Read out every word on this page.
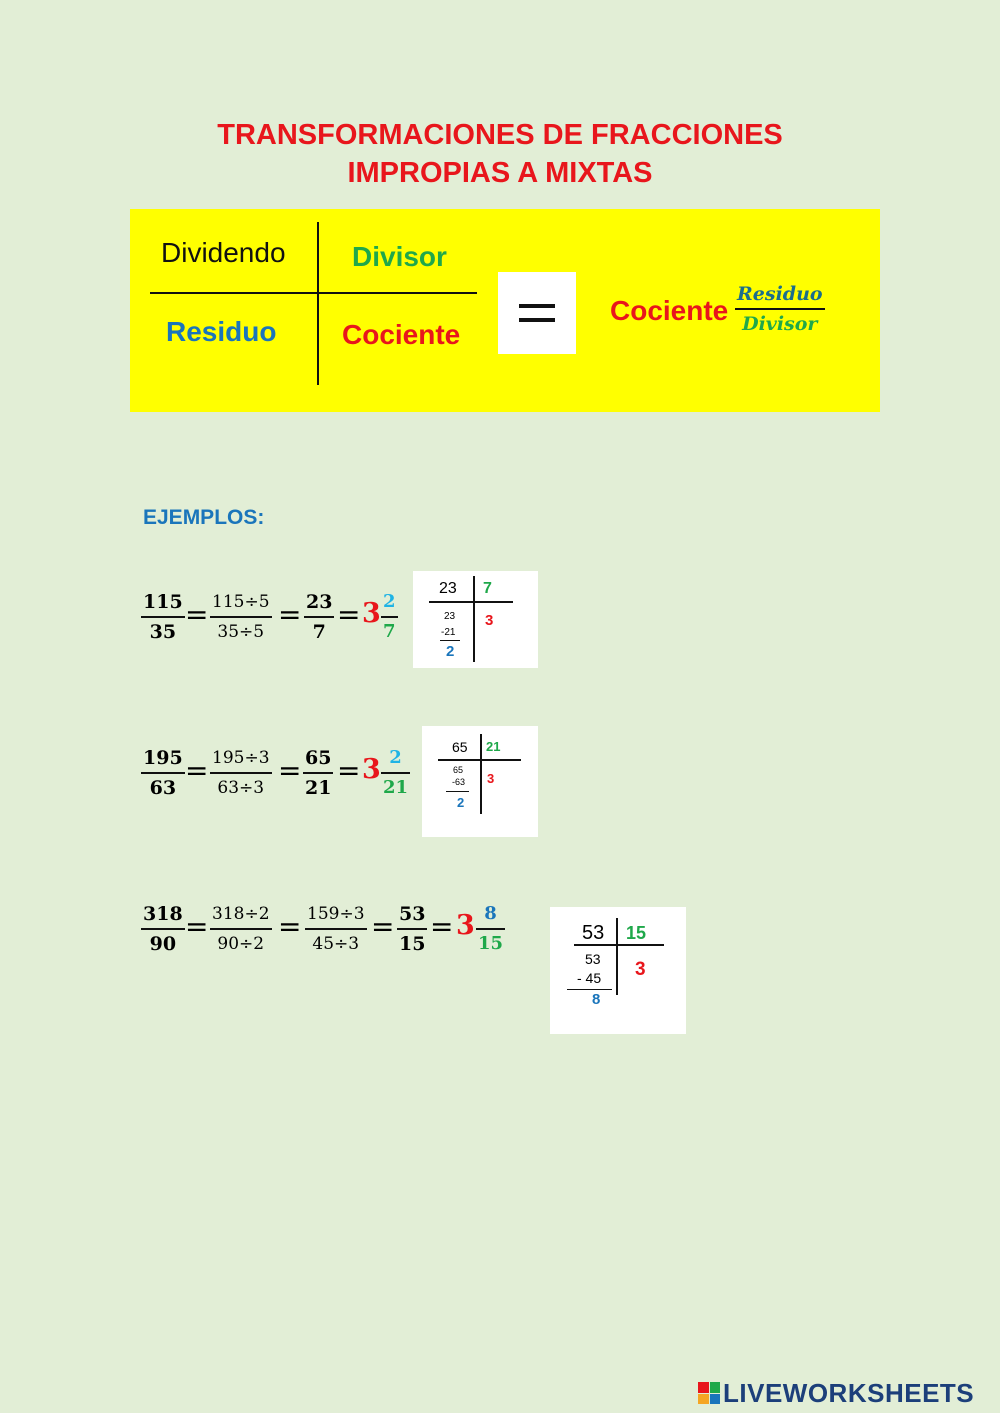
TRANSFORMACIONES DE FRACCIONES
IMPROPIAS A MIXTAS
Dividendo Divisor
Residuo Cociente
Cociente
Residuo
Divisor
EJEMPLOS:
115
35
= 115÷5
35÷5
= 23
7
= 3 2
7
23 7
23
-21
2
3
195
63
= 195÷3
63÷3
= 65
21
= 3 2
21
65 21
65
-63
2
3
318
90
= 318÷2
90÷2
= 159÷3
45÷3
= 53
15
= 3 8
15	53 15
53
- 45
8
3
LIVEWORKSHEETS
